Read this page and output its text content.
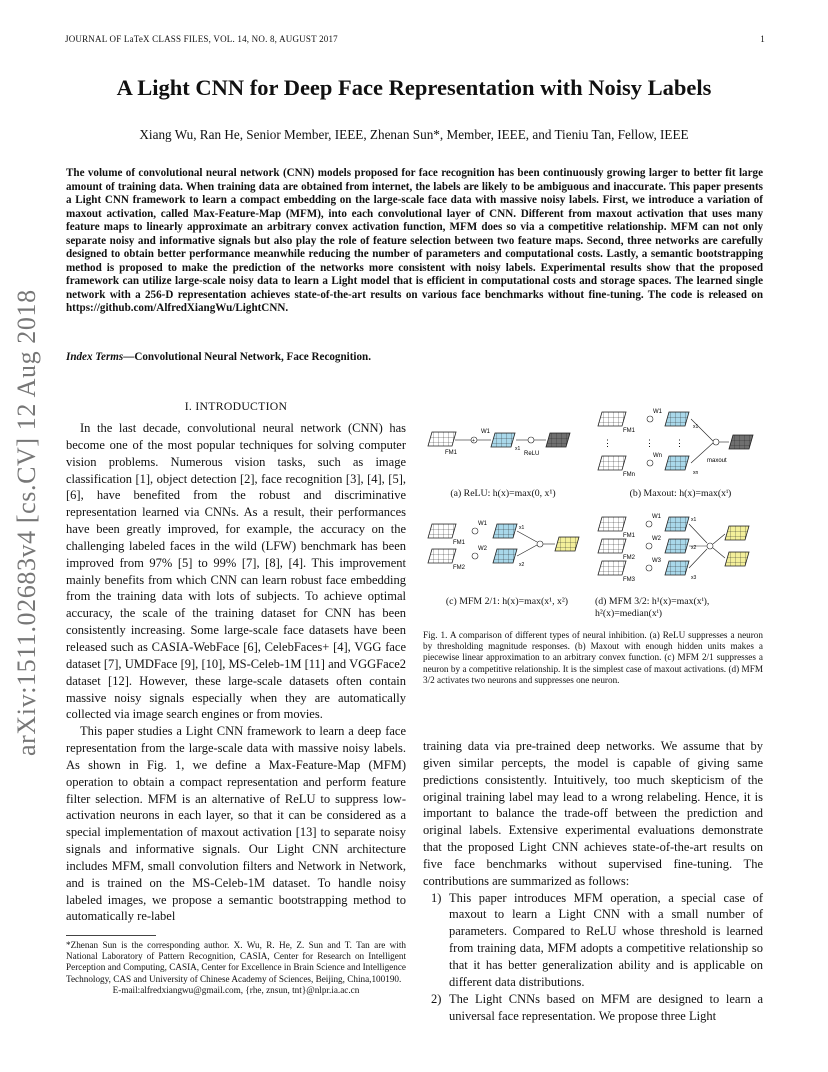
JOURNAL OF LaTeX CLASS FILES, VOL. 14, NO. 8, AUGUST 2017	1
A Light CNN for Deep Face Representation with Noisy Labels
Xiang Wu, Ran He, Senior Member, IEEE, Zhenan Sun*, Member, IEEE, and Tieniu Tan, Fellow, IEEE
The volume of convolutional neural network (CNN) models proposed for face recognition has been continuously growing larger to better fit large amount of training data. When training data are obtained from internet, the labels are likely to be ambiguous and inaccurate. This paper presents a Light CNN framework to learn a compact embedding on the large-scale face data with massive noisy labels. First, we introduce a variation of maxout activation, called Max-Feature-Map (MFM), into each convolutional layer of CNN. Different from maxout activation that uses many feature maps to linearly approximate an arbitrary convex activation function, MFM does so via a competitive relationship. MFM can not only separate noisy and informative signals but also play the role of feature selection between two feature maps. Second, three networks are carefully designed to obtain better performance meanwhile reducing the number of parameters and computational costs. Lastly, a semantic bootstrapping method is proposed to make the prediction of the networks more consistent with noisy labels. Experimental results show that the proposed framework can utilize large-scale noisy data to learn a Light model that is efficient in computational costs and storage spaces. The learned single network with a 256-D representation achieves state-of-the-art results on various face benchmarks without fine-tuning. The code is released on https://github.com/AlfredXiangWu/LightCNN.
Index Terms—Convolutional Neural Network, Face Recognition.
arXiv:1511.02683v4 [cs.CV] 12 Aug 2018	I. INTRODUCTION

In the last decade, convolutional neural network (CNN) has become one of the most popular techniques for solving computer vision problems. Numerous vision tasks, such as image classification [1], object detection [2], face recognition [3], [4], [5], [6], have benefited from the robust and discriminative representation learned via CNNs. As a result, their performances have been greatly improved, for example, the accuracy on the challenging labeled faces in the wild (LFW) benchmark has been improved from 97% [5] to 99% [7], [8], [4]. This improvement mainly benefits from which CNN can learn robust face embedding from the training data with lots of subjects. To achieve optimal accuracy, the scale of the training dataset for CNN has been consistently increasing. Some large-scale face datasets have been released such as CASIA-WebFace [6], CelebFaces+ [4], VGG face dataset [7], UMDFace [9], [10], MS-Celeb-1M [11] and VGGFace2 dataset [12]. However, these large-scale datasets often contain massive noisy signals especially when they are automatically collected via image search engines or from movies.

This paper studies a Light CNN framework to learn a deep face representation from the large-scale data with massive noisy labels. As shown in Fig. 1, we define a Max-Feature-Map (MFM) operation to obtain a compact representation and perform feature filter selection. MFM is an alternative of ReLU to suppress low-activation neurons in each layer, so that it can be considered as a special implementation of maxout activation [13] to separate noisy signals and informative signals. Our Light CNN architecture includes MFM, small convolution filters and Network in Network, and is trained on the MS-Celeb-1M dataset. To handle noisy labeled images, we propose a semantic bootstrapping method to automatically re-label

*Zhenan Sun is the corresponding author. X. Wu, R. He, Z. Sun and T. Tan are with National Laboratory of Pattern Recognition, CASIA, Center for Research on Intelligent Perception and Computing, CASIA, Center for Excellence in Brain Science and Intelligence Technology, CAS and University of Chinese Academy of Sciences, Beijing, China,100190.
E-mail:alfredxiangwu@gmail.com, {rhe, znsun, tnt}@nlpr.ia.ac.cn
FM1
+
W1
x1
ReLU
FM1
W1
x1
⋮	⋮ ⋮
FMn
Wn
xn
maxout
FM1
FM2
W1
W2
x1
x2
FM1
FM2
FM3
W1
W2
W3
x1
x2
x3
(a) ReLU: h(x)=max(0, x¹)	(b) Maxout: h(x)=max(xⁱ)
(c) MFM 2/1: h(x)=max(x¹, x²)	(d) MFM 3/2: h¹(x)=max(xⁱ),
h²(x)=median(xⁱ)
Fig. 1. A comparison of different types of neural inhibition. (a) ReLU suppresses a neuron by thresholding magnitude responses. (b) Maxout with enough hidden units makes a piecewise linear approximation to an arbitrary convex function. (c) MFM 2/1 suppresses a neuron by a competitive relationship. It is the simplest case of maxout activations. (d) MFM 3/2 activates two neurons and suppresses one neuron.

training data via pre-trained deep networks. We assume that by given similar percepts, the model is capable of giving same predictions consistently. Intuitively, too much skepticism of the original training label may lead to a wrong relabeling. Hence, it is important to balance the trade-off between the prediction and original labels. Extensive experimental evaluations demonstrate that the proposed Light CNN achieves state-of-the-art results on five face benchmarks without supervised fine-tuning. The contributions are summarized as follows:

1) This paper introduces MFM operation, a special case of maxout to learn a Light CNN with a small number of parameters. Compared to ReLU whose threshold is learned from training data, MFM adopts a competitive relationship so that it has better generalization ability and is applicable on different data distributions.
2) The Light CNNs based on MFM are designed to learn a universal face representation. We propose three Light
